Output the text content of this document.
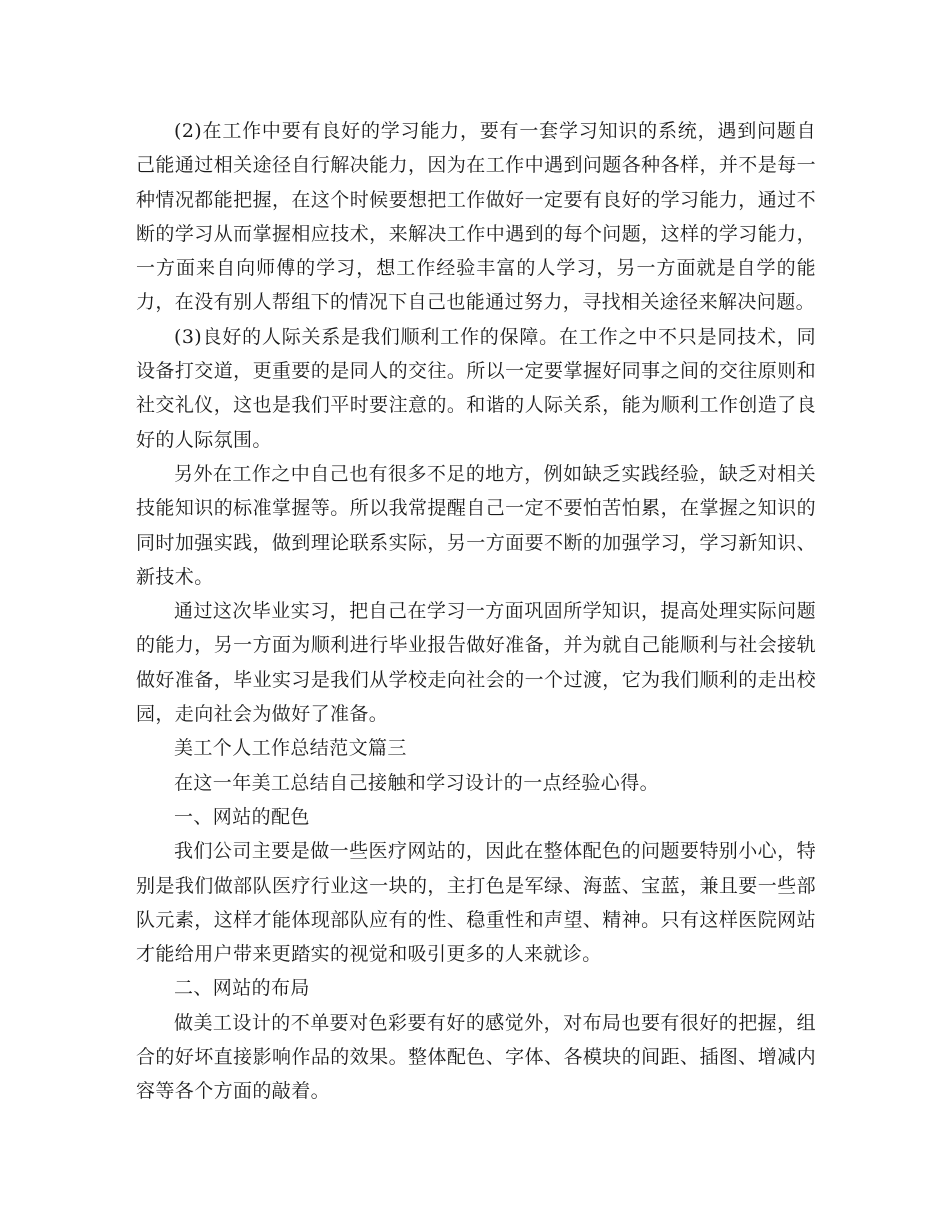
(2)在工作中要有良好的学习能力，要有一套学习知识的系统，遇到问题自己能通过相关途径自行解决能力，因为在工作中遇到问题各种各样，并不是每一种情况都能把握，在这个时候要想把工作做好一定要有良好的学习能力，通过不断的学习从而掌握相应技术，来解决工作中遇到的每个问题，这样的学习能力，一方面来自向师傅的学习，想工作经验丰富的人学习，另一方面就是自学的能力，在没有别人帮组下的情况下自己也能通过努力，寻找相关途径来解决问题。

(3)良好的人际关系是我们顺利工作的保障。在工作之中不只是同技术，同设备打交道，更重要的是同人的交往。所以一定要掌握好同事之间的交往原则和社交礼仪，这也是我们平时要注意的。和谐的人际关系，能为顺利工作创造了良好的人际氛围。

另外在工作之中自己也有很多不足的地方，例如缺乏实践经验，缺乏对相关技能知识的标准掌握等。所以我常提醒自己一定不要怕苦怕累，在掌握之知识的同时加强实践，做到理论联系实际，另一方面要不断的加强学习，学习新知识、新技术。

通过这次毕业实习，把自己在学习一方面巩固所学知识，提高处理实际问题的能力，另一方面为顺利进行毕业报告做好准备，并为就自己能顺利与社会接轨做好准备，毕业实习是我们从学校走向社会的一个过渡，它为我们顺利的走出校园，走向社会为做好了准备。

美工个人工作总结范文篇三

在这一年美工总结自己接触和学习设计的一点经验心得。

一、网站的配色

我们公司主要是做一些医疗网站的，因此在整体配色的问题要特别小心，特别是我们做部队医疗行业这一块的，主打色是军绿、海蓝、宝蓝，兼且要一些部队元素，这样才能体现部队应有的性、稳重性和声望、精神。只有这样医院网站才能给用户带来更踏实的视觉和吸引更多的人来就诊。

二、网站的布局

做美工设计的不单要对色彩要有好的感觉外，对布局也要有很好的把握，组合的好坏直接影响作品的效果。整体配色、字体、各模块的间距、插图、增减内容等各个方面的敲着。
